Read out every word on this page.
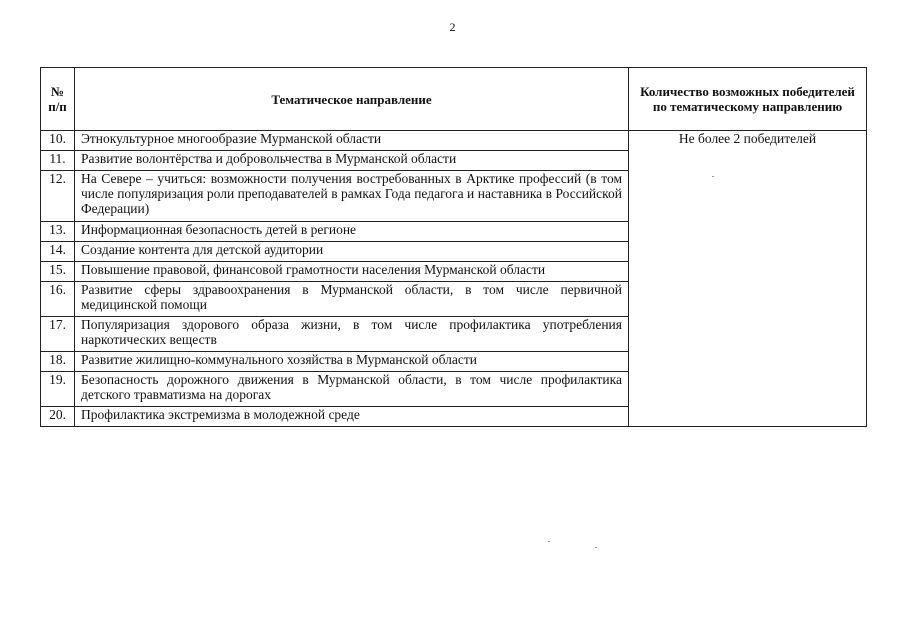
2
№ п/п	Тематическое направление	Количество возможных победителей по тематическому направлению
10.	Этнокультурное многообразие Мурманской области	Не более 2 победителей
11.	Развитие волонтёрства и добровольчества в Мурманской области	
12.	На Севере – учиться: возможности получения востребованных в Арктике профессий (в том числе популяризация роли преподавателей в рамках Года педагога и наставника в Российской Федерации)	
13.	Информационная безопасность детей в регионе	
14.	Создание контента для детской аудитории	
15.	Повышение правовой, финансовой грамотности населения Мурманской области	
16.	Развитие сферы здравоохранения в Мурманской области, в том числе первичной медицинской помощи	
17.	Популяризация здорового образа жизни, в том числе профилактика употребления наркотических веществ	
18.	Развитие жилищно-коммунального хозяйства в Мурманской области	
19.	Безопасность дорожного движения в Мурманской области, в том числе профилактика детского травматизма на дорогах	
20.	Профилактика экстремизма в молодежной среде	
